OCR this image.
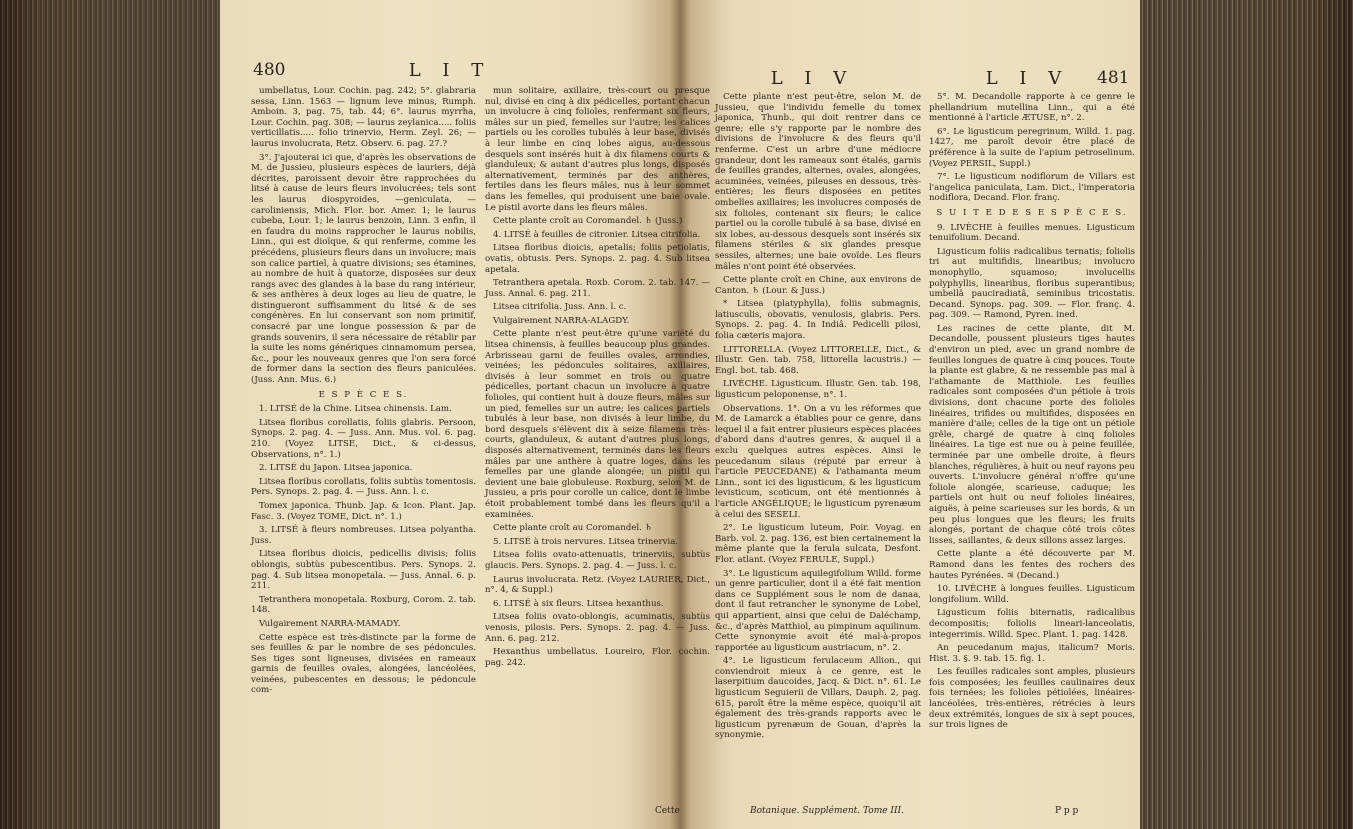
480	L I T

umbellatus, Lour. Cochin. pag. 242; 5°. glabraria sessa, Linn. 1563 — lignum leve minus, Rumph. Amboin. 3, pag. 75, tab. 44; 6°. laurus myrrha, Lour. Cochin. pag. 308; — laurus zeylanica..... foliis verticillatis..... folio trinervio, Herm. Zeyl. 26; — laurus involucrata, Retz. Observ. 6. pag. 27.?

3°. J'ajouterai ici que, d'après les observations de M. de Jussieu, plusieurs espèces de lauriers, déjà décrites, paroissent devoir être rapprochées du litsé à cause de leurs fleurs involucrées; tels sont les laurus diospyroides, —geniculata, —caroliniensis, Mich. Flor. bor. Amer. 1; le laurus cubeba, Lour. 1; le laurus benzoin, Linn. 3 enfin, il en faudra du moins rapprocher le laurus nobilis, Linn., qui est dioïque, & qui renferme, comme les précédens, plusieurs fleurs dans un involucre; mais son calice partiel, à quatre divisions; ses étamines, au nombre de huit à quatorze, disposées sur deux rangs avec des glandes à la base du rang intérieur, & ses anthères à deux loges au lieu de quatre, le distingueront suffisamment du litsé & de ses congénères. En lui conservant son nom primitif, consacré par une longue possession & par de grands souvenirs, il sera nécessaire de rétablir par la suite les noms génériques cinnamomum persea, &c., pour les nouveaux genres que l'on sera forcé de former dans la section des fleurs paniculées. (Juss. Ann. Mus. 6.)

E S P È C E S.

1. LITSÉ de la Chine. Litsea chinensis. Lam.

Litsea floribus corollatis, foliis glabris. Persoon, Synops. 2. pag. 4. — Juss. Ann. Mus. vol. 6. pag. 210. (Voyez LITSE, Dict., & ci-dessus, Observations, n°. 1.)

2. LITSÉ du Japon. Litsea japonica.

Litsea floribus corollatis, foliis subtùs tomentosis. Pers. Synops. 2. pag. 4. — Juss. Ann. l. c.

Tomex japonica. Thunb. Jap. & Icon. Plant. Jap. Fasc. 3. (Voyez TOME, Dict. n°. 1.)

3. LITSÉ à fleurs nombreuses. Litsea polyantha. Juss.

Litsea floribus dioicis, pedicellis divisis; foliis oblongis, subtùs pubescentibus. Pers. Synops. 2. pag. 4. Sub litsea monopetala. — Juss. Annal. 6. p. 211.

Tetranthera monopetala. Roxburg, Corom. 2. tab. 148.

Vulgairement NARRA-MAMADY.

Cette espèce est très-distincte par la forme de ses feuilles & par le nombre de ses pédoncules. Ses tiges sont ligneuses, divisées en rameaux garnis de feuilles ovales, alongées, lancéolées, veinées, pubescentes en dessous; le pédoncule com-

mun solitaire, axillaire, très-court ou presque nul, divisé en cinq à dix pédicelles, portant chacun un involucre à cinq folioles, renfermant six fleurs, mâles sur un pied, femelles sur l'autre; les calices partiels ou les corolles tubulés à leur base, divisés à leur limbe en cinq lobes aigus, au-dessous desquels sont insérés huit à dix filamens courts & glanduleux; & autant d'autres plus longs, disposés alternativement, terminés par des anthères, fertiles dans les fleurs mâles, nus à leur sommet dans les femelles, qui produisent une baie ovale. Le pistil avorte dans les fleurs mâles.

Cette plante croît au Coromandel. ♄ (Juss.)

4. LITSÉ à feuilles de citronier. Litsea citrifolia.

Litsea floribus dioicis, apetalis; foliis petiolatis, ovatis, obtusis. Pers. Synops. 2. pag. 4. Sub litsea apetala.

Tetranthera apetala. Roxb. Corom. 2. tab. 147. — Juss. Annal. 6. pag. 211.

Litsea citrifolia. Juss. Ann. l. c.

Vulgairement NARRA-ALAGDY.

Cette plante n'est peut-être qu'une variété du litsea chinensis, à feuilles beaucoup plus grandes. Arbrisseau garni de feuilles ovales, arrondies, veinées; les pédoncules solitaires, axillaires, divisés à leur sommet en trois ou quatre pédicelles, portant chacun un involucre à quatre folioles, qui contient huit à douze fleurs, mâles sur un pied, femelles sur un autre; les calices partiels tubulés à leur base, non divisés à leur limbe, du bord desquels s'élèvent dix à seize filamens très-courts, glanduleux, & autant d'autres plus longs, disposés alternativement, terminés dans les fleurs mâles par une anthère à quatre loges, dans les femelles par une glande alongée; un pistil qui devient une baie globuleuse. Roxburg, selon M. de Jussieu, a pris pour corolle un calice, dont le limbe étoit probablement tombé dans les fleurs qu'il a examinées.

Cette plante croît au Coromandel. ♄

5. LITSÉ à trois nervures. Litsea trinervia.

Litsea foliis ovato-attenuatis, trinerviis, subtùs glaucis. Pers. Synops. 2. pag. 4. — Juss. l. c.

Laurus involucrata. Retz. (Voyez LAURIER, Dict., n°. 4, & Suppl.)

6. LITSÉ à six fleurs. Litsea hexanthus.

Litsea foliis ovato-oblongis, acuminatis, subtùs venosis, pilosis. Pers. Synops. 2. pag. 4. — Juss. Ann. 6. pag. 212.

Hexanthus umbellatus. Loureiro, Flor. cochin. pag. 242.

Cette
L I V	L I V	481

Cette plante n'est peut-être, selon M. de Jussieu, que l'individu femelle du tomex japonica, Thunb., qui doit rentrer dans ce genre; elle s'y rapporte par le nombre des divisions de l'involucre & des fleurs qu'il renferme. C'est un arbre d'une médiocre grandeur, dont les rameaux sont étalés, garnis de feuilles grandes, alternes, ovales, alongées, acuminées, veinées, pileuses en dessous, très-entières; les fleurs disposées en petites ombelles axillaires; les involucres composés de six folioles, contenant six fleurs; le calice partiel ou la corolle tubulé à sa base, divisé en six lobes, au-dessous desquels sont insérés six filamens stériles & six glandes presque sessiles, alternes; une baie ovoïde. Les fleurs mâles n'ont point été observées.

Cette plante croît en Chine, aux environs de Canton. ♄ (Lour. & Juss.)

* Litsea (platyphylla), foliis submagnis, latiusculis, obovatis, venulosis, glabris. Pers. Synops. 2. pag. 4. In Indiâ. Pedicelli pilosi, folia cæteris majora.

LITTORELLA. (Voyez LITTORELLE, Dict., & Illustr. Gen. tab. 758, littorella lacustris.) — Engl. bot. tab. 468.

LIVÈCHE. Ligusticum. Illustr. Gen. tab. 198, ligusticum peloponense, n°. 1.

Observations. 1°. On a vu les réformes que M. de Lamarck a établies pour ce genre, dans lequel il a fait entrer plusieurs espèces placées d'abord dans d'autres genres, & auquel il a exclu quelques autres espèces. Ainsi le peucedanum silaus (réputé par erreur à l'article PEUCEDANE) & l'athamanta meum Linn., sont ici des ligusticum, & les ligusticum levisticum, scoticum, ont été mentionnés à l'article ANGÉLIQUE; le ligusticum pyrenæum à celui des SESELI.

2°. Le ligusticum luteum, Poir. Voyag. en Barb. vol. 2. pag. 136, est bien certainement la même plante que la ferula sulcata, Desfont. Flor. atlant. (Voyez FERULE, Suppl.)

3°. Le ligusticum aquilegifolium Willd. forme un genre particulier, dont il a été fait mention dans ce Supplément sous le nom de danaa, dont il faut retrancher le synonyme de Lobel, qui appartient, ainsi que celui de Daléchamp, &c., d'après Matthiol, au pimpinum aquilinum. Cette synonymie avoit été mal-à-propos rapportée au ligusticum austriacum, n°. 2.

4°. Le ligusticum ferulaceum Allion., qui conviendroit mieux à ce genre, est le laserpitium daucoides, Jacq. & Dict. n°. 61. Le ligusticum Seguierii de Villars, Dauph. 2, pag. 615, paroît être la même espèce, quoiqu'il ait également des très-grands rapports avec le ligusticum pyrenæum de Gouan, d'après la synonymie.

5°. M. Decandolle rapporte à ce genre le phellandrium mutellina Linn., qui a été mentionné à l'article ÆTUSE, n°. 2.

6°. Le ligusticum peregrinum, Willd. 1. pag. 1427, me paroît devoir être placé de préférence à la suite de l'apium petroselinum. (Voyez PERSIL, Suppl.)

7°. Le ligusticum nodiflorum de Villars est l'angelica paniculata, Lam. Dict., l'imperatoria nodiflora, Decand. Flor. franç.

S U I T E D E S E S P È C E S.

9. LIVÈCHE à feuilles menues. Ligusticum tenuifolium. Decand.

Ligusticum foliis radicalibus ternatis; foliolis tri aut multifidis, linearibus; involucro monophyllo, squamoso; involucellis polyphyllis, linearibus, floribus superantibus; umbellâ pauciradiatâ, seminibus tricostatis. Decand. Synops. pag. 309. — Flor. franç. 4. pag. 309. — Ramond, Pyren. ined.

Les racines de cette plante, dit M. Decandolle, poussent plusieurs tiges hautes d'environ un pied, avec un grand nombre de feuilles longues de quatre à cinq pouces. Toute la plante est glabre, & ne ressemble pas mal à l'athamante de Matthiole. Les feuilles radicales sont composées d'un pétiole à trois divisions, dont chacune porte des folioles linéaires, trifides ou multifides, disposées en manière d'aile; celles de la tige ont un pétiole grêle, chargé de quatre à cinq folioles linéaires. La tige est nue ou à peine feuillée, terminée par une ombelle droite, à fleurs blanches, régulières, à huit ou neuf rayons peu ouverts. L'involucre général n'offre qu'une foliole alongée, scarieuse, caduque; les partiels ont huit ou neuf folioles linéaires, aiguës, à peine scarieuses sur les bords, & un peu plus longues que les fleurs; les fruits alongés, portant de chaque côté trois côtes lisses, saillantes, & deux sillons assez larges.

Cette plante a été découverte par M. Ramond dans les fentes des rochers des hautes Pyrénées. ♃ (Decand.)

10. LIVÈCHE à longues feuilles. Ligusticum longifolium. Willd.

Ligusticum foliis biternatis, radicalibus decompositis; foliolis lineari-lanceolatis, integerrimis. Willd. Spec. Plant. 1. pag. 1428.

An peucedanum majus, italicum? Moris. Hist. 3. §. 9. tab. 15. fig. 1.

Les feuilles radicales sont amples, plusieurs fois composées; les feuilles caulinaires deux fois ternées; les folioles pétiolées, linéaires-lancéolées, très-entières, rétrécies à leurs deux extrémités, longues de six à sept pouces, sur trois lignes de

Botanique. Supplément. Tome III.	P p p
